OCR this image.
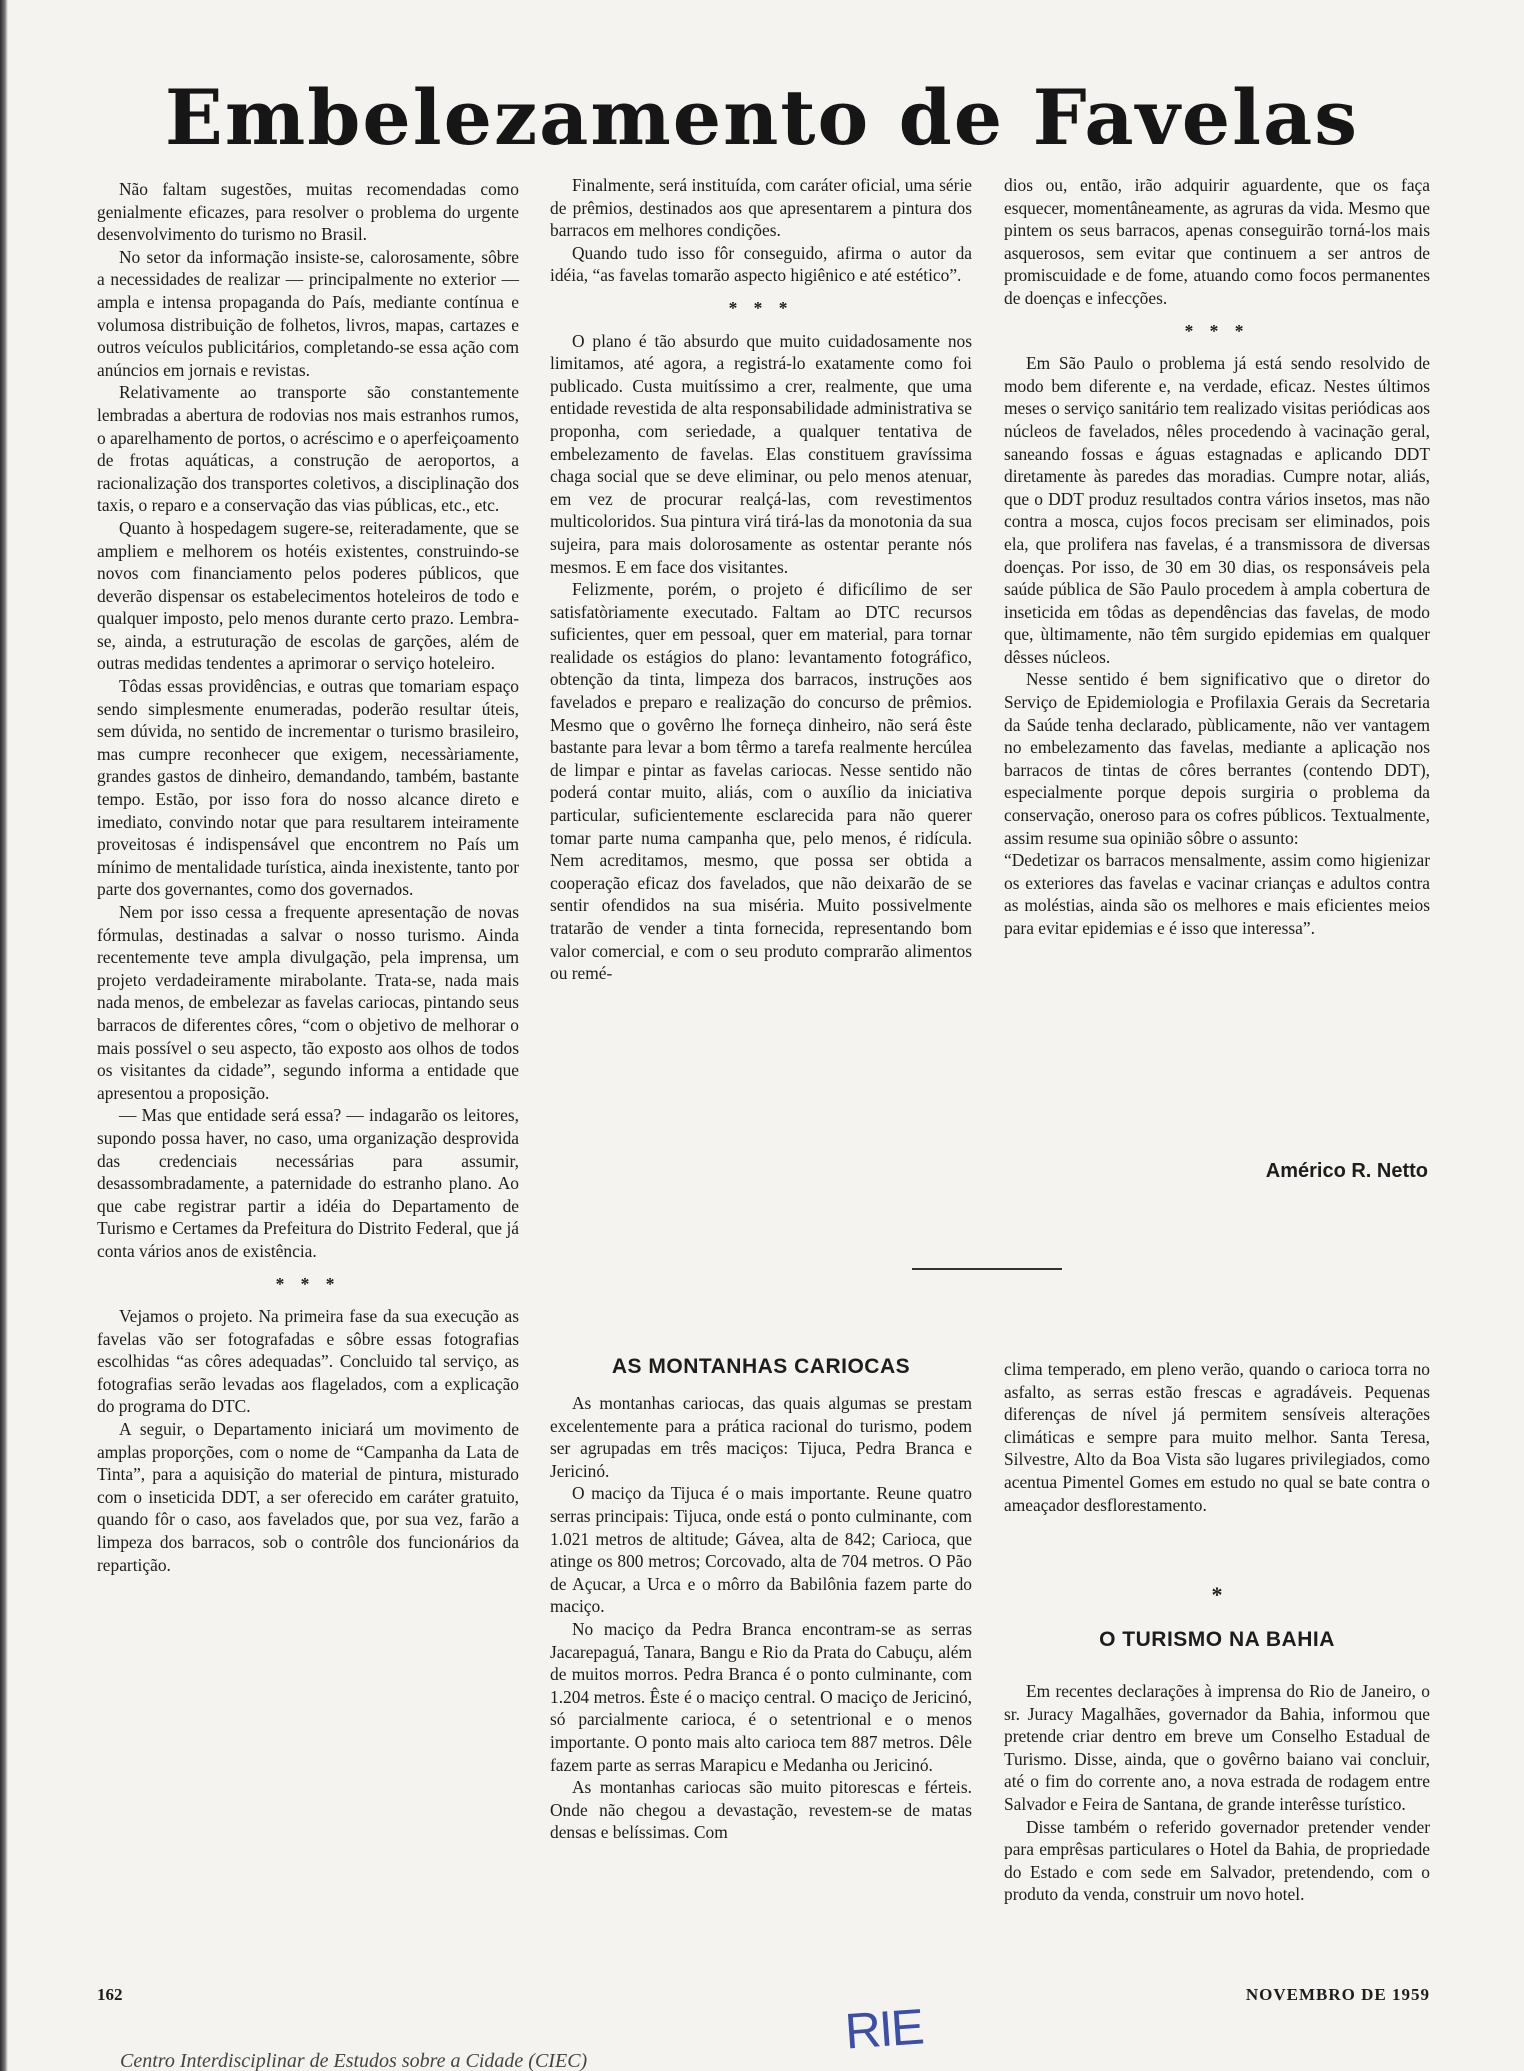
Embelezamento de Favelas

Não faltam sugestões, muitas recomendadas como genialmente eficazes, para resolver o problema do urgente desenvolvimento do turismo no Brasil.

No setor da informação insiste-se, calorosamente, sôbre a necessidades de realizar — principalmente no exterior — ampla e intensa propaganda do País, mediante contínua e volumosa distribuição de folhetos, livros, mapas, cartazes e outros veículos publicitários, completando-se essa ação com anúncios em jornais e revistas.

Relativamente ao transporte são constantemente lembradas a abertura de rodovias nos mais estranhos rumos, o aparelhamento de portos, o acréscimo e o aperfeiçoamento de frotas aquáticas, a construção de aeroportos, a racionalização dos transportes coletivos, a disciplinação dos taxis, o reparo e a conservação das vias públicas, etc., etc.

Quanto à hospedagem sugere-se, reiteradamente, que se ampliem e melhorem os hotéis existentes, construindo-se novos com financiamento pelos poderes públicos, que deverão dispensar os estabelecimentos hoteleiros de todo e qualquer imposto, pelo menos durante certo prazo. Lembra-se, ainda, a estruturação de escolas de garções, além de outras medidas tendentes a aprimorar o serviço hoteleiro.

Tôdas essas providências, e outras que tomariam espaço sendo simplesmente enumeradas, poderão resultar úteis, sem dúvida, no sentido de incrementar o turismo brasileiro, mas cumpre reconhecer que exigem, necessàriamente, grandes gastos de dinheiro, demandando, também, bastante tempo. Estão, por isso fora do nosso alcance direto e imediato, convindo notar que para resultarem inteiramente proveitosas é indispensável que encontrem no País um mínimo de mentalidade turística, ainda inexistente, tanto por parte dos governantes, como dos governados.

Nem por isso cessa a frequente apresentação de novas fórmulas, destinadas a salvar o nosso turismo. Ainda recentemente teve ampla divulgação, pela imprensa, um projeto verdadeiramente mirabolante. Trata-se, nada mais nada menos, de embelezar as favelas cariocas, pintando seus barracos de diferentes côres, “com o objetivo de melhorar o mais possível o seu aspecto, tão exposto aos olhos de todos os visitantes da cidade”, segundo informa a entidade que apresentou a proposição.

— Mas que entidade será essa? — indagarão os leitores, supondo possa haver, no caso, uma organização desprovida das credenciais necessárias para assumir, desassombradamente, a paternidade do estranho plano. Ao que cabe registrar partir a idéia do Departamento de Turismo e Certames da Prefeitura do Distrito Federal, que já conta vários anos de existência.

* * *

Vejamos o projeto. Na primeira fase da sua execução as favelas vão ser fotografadas e sôbre essas fotografias escolhidas “as côres adequadas”. Concluido tal serviço, as fotografias serão levadas aos flagelados, com a explicação do programa do DTC.

A seguir, o Departamento iniciará um movimento de amplas proporções, com o nome de “Campanha da Lata de Tinta”, para a aquisição do material de pintura, misturado com o inseticida DDT, a ser oferecido em caráter gratuito, quando fôr o caso, aos favelados que, por sua vez, farão a limpeza dos barracos, sob o contrôle dos funcionários da repartição.

Finalmente, será instituída, com caráter oficial, uma série de prêmios, destinados aos que apresentarem a pintura dos barracos em melhores condições.

Quando tudo isso fôr conseguido, afirma o autor da idéia, “as favelas tomarão aspecto higiênico e até estético”.

* * *

O plano é tão absurdo que muito cuidadosamente nos limitamos, até agora, a registrá-lo exatamente como foi publicado. Custa muitíssimo a crer, realmente, que uma entidade revestida de alta responsabilidade administrativa se proponha, com seriedade, a qualquer tentativa de embelezamento de favelas. Elas constituem gravíssima chaga social que se deve eliminar, ou pelo menos atenuar, em vez de procurar realçá-las, com revestimentos multicoloridos. Sua pintura virá tirá-las da monotonia da sua sujeira, para mais dolorosamente as ostentar perante nós mesmos. E em face dos visitantes.

Felizmente, porém, o projeto é dificílimo de ser satisfatòriamente executado. Faltam ao DTC recursos suficientes, quer em pessoal, quer em material, para tornar realidade os estágios do plano: levantamento fotográfico, obtenção da tinta, limpeza dos barracos, instruções aos favelados e preparo e realização do concurso de prêmios. Mesmo que o govêrno lhe forneça dinheiro, não será êste bastante para levar a bom têrmo a tarefa realmente hercúlea de limpar e pintar as favelas cariocas. Nesse sentido não poderá contar muito, aliás, com o auxílio da iniciativa particular, suficientemente esclarecida para não querer tomar parte numa campanha que, pelo menos, é ridícula. Nem acreditamos, mesmo, que possa ser obtida a cooperação eficaz dos favelados, que não deixarão de se sentir ofendidos na sua miséria. Muito possivelmente tratarão de vender a tinta fornecida, representando bom valor comercial, e com o seu produto comprarão alimentos ou remé-

dios ou, então, irão adquirir aguardente, que os faça esquecer, momentâneamente, as agruras da vida. Mesmo que pintem os seus barracos, apenas conseguirão torná-los mais asquerosos, sem evitar que continuem a ser antros de promiscuidade e de fome, atuando como focos permanentes de doenças e infecções.

* * *

Em São Paulo o problema já está sendo resolvido de modo bem diferente e, na verdade, eficaz. Nestes últimos meses o serviço sanitário tem realizado visitas periódicas aos núcleos de favelados, nêles procedendo à vacinação geral, saneando fossas e águas estagnadas e aplicando DDT diretamente às paredes das moradias. Cumpre notar, aliás, que o DDT produz resultados contra vários insetos, mas não contra a mosca, cujos focos precisam ser eliminados, pois ela, que prolifera nas favelas, é a transmissora de diversas doenças. Por isso, de 30 em 30 dias, os responsáveis pela saúde pública de São Paulo procedem à ampla cobertura de inseticida em tôdas as dependências das favelas, de modo que, ùltimamente, não têm surgido epidemias em qualquer dêsses núcleos.

Nesse sentido é bem significativo que o diretor do Serviço de Epidemiologia e Profilaxia Gerais da Secretaria da Saúde tenha declarado, pùblicamente, não ver vantagem no embelezamento das favelas, mediante a aplicação nos barracos de tintas de côres berrantes (contendo DDT), especialmente porque depois surgiria o problema da conservação, oneroso para os cofres públicos. Textualmente, assim resume sua opinião sôbre o assunto:

“Dedetizar os barracos mensalmente, assim como higienizar os exteriores das favelas e vacinar crianças e adultos contra as moléstias, ainda são os melhores e mais eficientes meios para evitar epidemias e é isso que interessa”.

Américo R. Netto
AS MONTANHAS CARIOCAS

As montanhas cariocas, das quais algumas se prestam excelentemente para a prática racional do turismo, podem ser agrupadas em três maciços: Tijuca, Pedra Branca e Jericinó.

O maciço da Tijuca é o mais importante. Reune quatro serras principais: Tijuca, onde está o ponto culminante, com 1.021 metros de altitude; Gávea, alta de 842; Carioca, que atinge os 800 metros; Corcovado, alta de 704 metros. O Pão de Açucar, a Urca e o môrro da Babilônia fazem parte do maciço.

No maciço da Pedra Branca encontram-se as serras Jacarepaguá, Tanara, Bangu e Rio da Prata do Cabuçu, além de muitos morros. Pedra Branca é o ponto culminante, com 1.204 metros. Êste é o maciço central. O maciço de Jericinó, só parcialmente carioca, é o setentrional e o menos importante. O ponto mais alto carioca tem 887 metros. Dêle fazem parte as serras Marapicu e Medanha ou Jericinó.

As montanhas cariocas são muito pitorescas e férteis. Onde não chegou a devastação, revestem-se de matas densas e belíssimas. Com

clima temperado, em pleno verão, quando o carioca torra no asfalto, as serras estão frescas e agradáveis. Pequenas diferenças de nível já permitem sensíveis alterações climáticas e sempre para muito melhor. Santa Teresa, Silvestre, Alto da Boa Vista são lugares privilegiados, como acentua Pimentel Gomes em estudo no qual se bate contra o ameaçador desflorestamento.

*
O TURISMO NA BAHIA

Em recentes declarações à imprensa do Rio de Janeiro, o sr. Juracy Magalhães, governador da Bahia, informou que pretende criar dentro em breve um Conselho Estadual de Turismo. Disse, ainda, que o govêrno baiano vai concluir, até o fim do corrente ano, a nova estrada de rodagem entre Salvador e Feira de Santana, de grande interêsse turístico.

Disse também o referido governador pretender vender para emprêsas particulares o Hotel da Bahia, de propriedade do Estado e com sede em Salvador, pretendendo, com o produto da venda, construir um novo hotel.

162	NOVEMBRO DE 1959
RIE
Centro Interdisciplinar de Estudos sobre a Cidade (CIEC)
